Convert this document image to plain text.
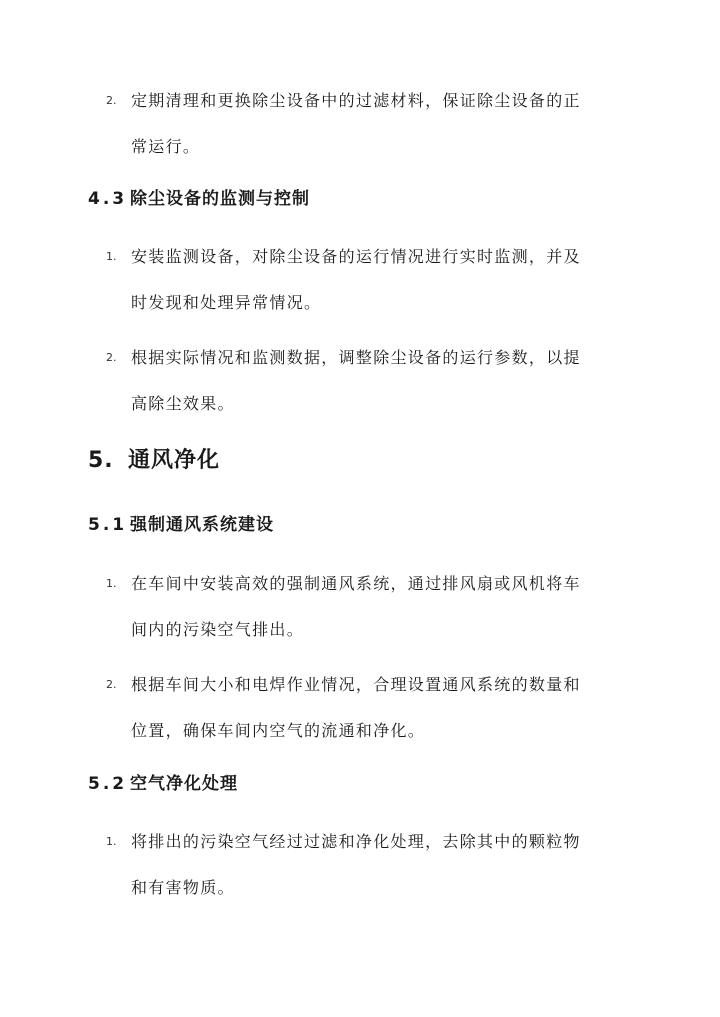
2. 定期清理和更换除尘设备中的过滤材料，保证除尘设备的正
常运行。
4.3 除尘设备的监测与控制
1. 安装监测设备，对除尘设备的运行情况进行实时监测，并及
时发现和处理异常情况。
2. 根据实际情况和监测数据，调整除尘设备的运行参数，以提
高除尘效果。
5. 通风净化
5.1 强制通风系统建设
1. 在车间中安装高效的强制通风系统，通过排风扇或风机将车
间内的污染空气排出。
2. 根据车间大小和电焊作业情况，合理设置通风系统的数量和
位置，确保车间内空气的流通和净化。
5.2 空气净化处理
1. 将排出的污染空气经过过滤和净化处理，去除其中的颗粒物
和有害物质。
